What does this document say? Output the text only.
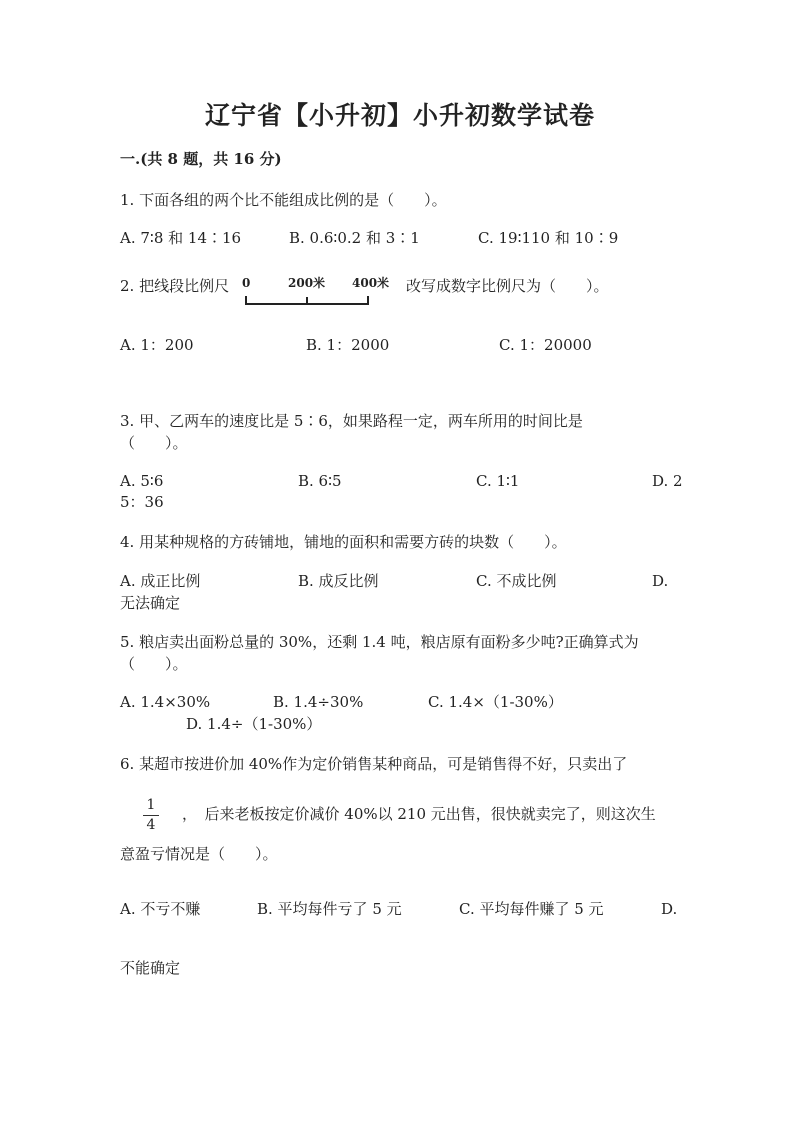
辽宁省【小升初】小升初数学试卷
一.(共 8 题，共 16 分)
1. 下面各组的两个比不能组成比例的是（　　）。
A. 7∶8 和 14∶16	B. 0.6∶0.2 和 3∶1	C. 19∶110 和 10∶9
2. 把线段比例尺 0	200米 400米 改写成数字比例尺为（　　）。
A. 1：200	B. 1：2000	C. 1：20000
3. 甲、乙两车的速度比是 5∶6，如果路程一定，两车所用的时间比是
（　　）。
A. 5∶6	B. 6∶5	C. 1∶1	D. 2
5：36
4. 用某种规格的方砖铺地，铺地的面积和需要方砖的块数（　　）。
A. 成正比例	B. 成反比例	C. 不成比例	D.
无法确定
5. 粮店卖出面粉总量的 30%，还剩 1.4 吨，粮店原有面粉多少吨?正确算式为
（　　）。
A. 1.4×30%	B. 1.4÷30%	C. 1.4×（1-30%）
D. 1.4÷（1-30%）
6. 某超市按进价加 40%作为定价销售某种商品，可是销售得不好，只卖出了
1
4
，　后来老板按定价减价 40%以 210 元出售，很快就卖完了，则这次生
意盈亏情况是（　　）。
A. 不亏不赚	B. 平均每件亏了 5 元	C. 平均每件赚了 5 元	D.
不能确定
